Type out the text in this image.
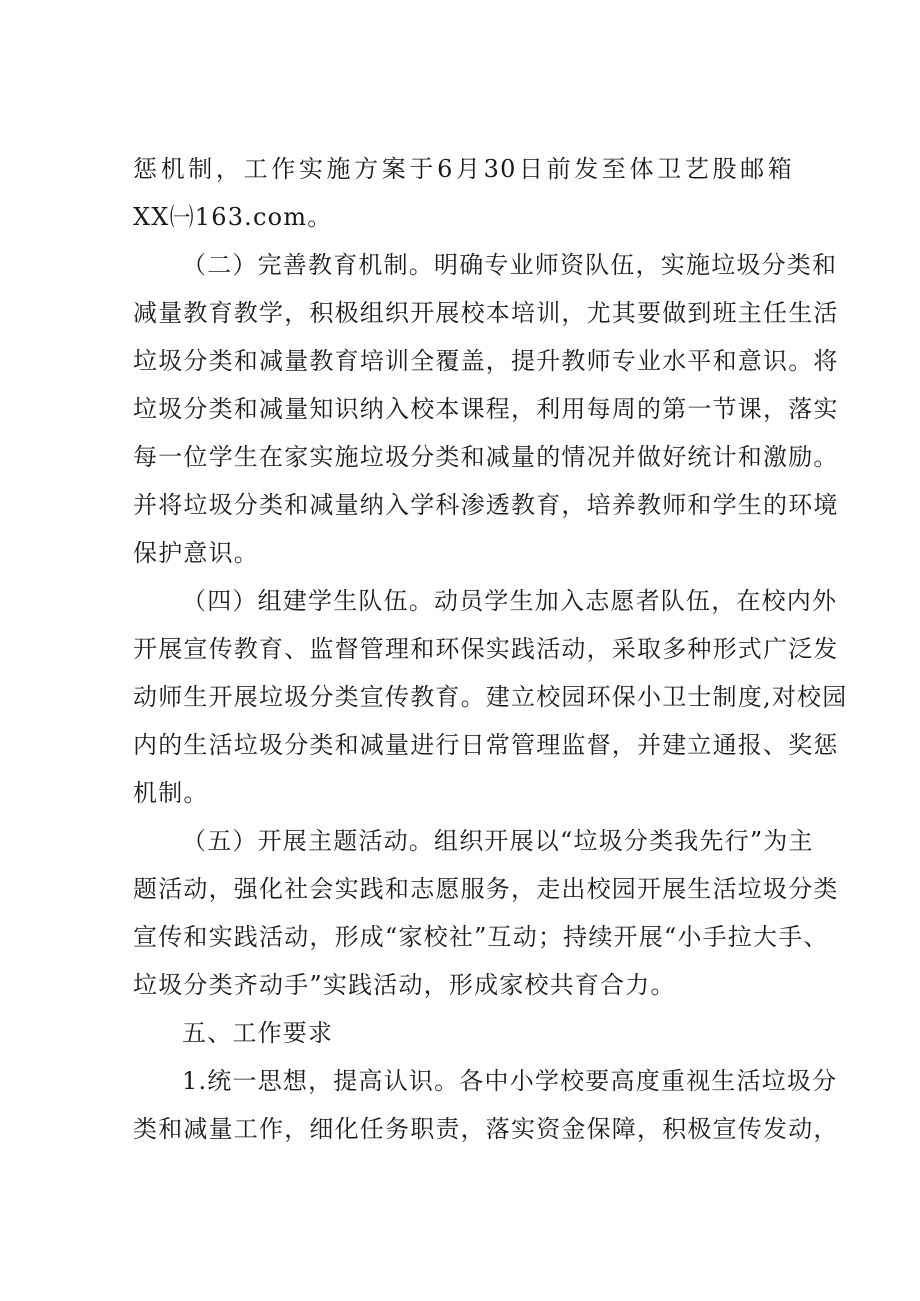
惩机制，工作实施方案于6月30日前发至体卫艺股邮箱
XX㈠163.com。
（二）完善教育机制。明确专业师资队伍，实施垃圾分类和
减量教育教学，积极组织开展校本培训，尤其要做到班主任生活
垃圾分类和减量教育培训全覆盖，提升教师专业水平和意识。将
垃圾分类和减量知识纳入校本课程，利用每周的第一节课，落实
每一位学生在家实施垃圾分类和减量的情况并做好统计和激励。
并将垃圾分类和减量纳入学科渗透教育，培养教师和学生的环境
保护意识。
（四）组建学生队伍。动员学生加入志愿者队伍，在校内外
开展宣传教育、监督管理和环保实践活动，采取多种形式广泛发
动师生开展垃圾分类宣传教育。建立校园环保小卫士制度,对校园
内的生活垃圾分类和减量进行日常管理监督，并建立通报、奖惩
机制。
（五）开展主题活动。组织开展以“垃圾分类我先行”为主
题活动，强化社会实践和志愿服务，走出校园开展生活垃圾分类
宣传和实践活动，形成“家校社”互动；持续开展“小手拉大手、
垃圾分类齐动手”实践活动，形成家校共育合力。
五、工作要求
1.统一思想，提高认识。各中小学校要高度重视生活垃圾分
类和减量工作，细化任务职责，落实资金保障，积极宣传发动，
